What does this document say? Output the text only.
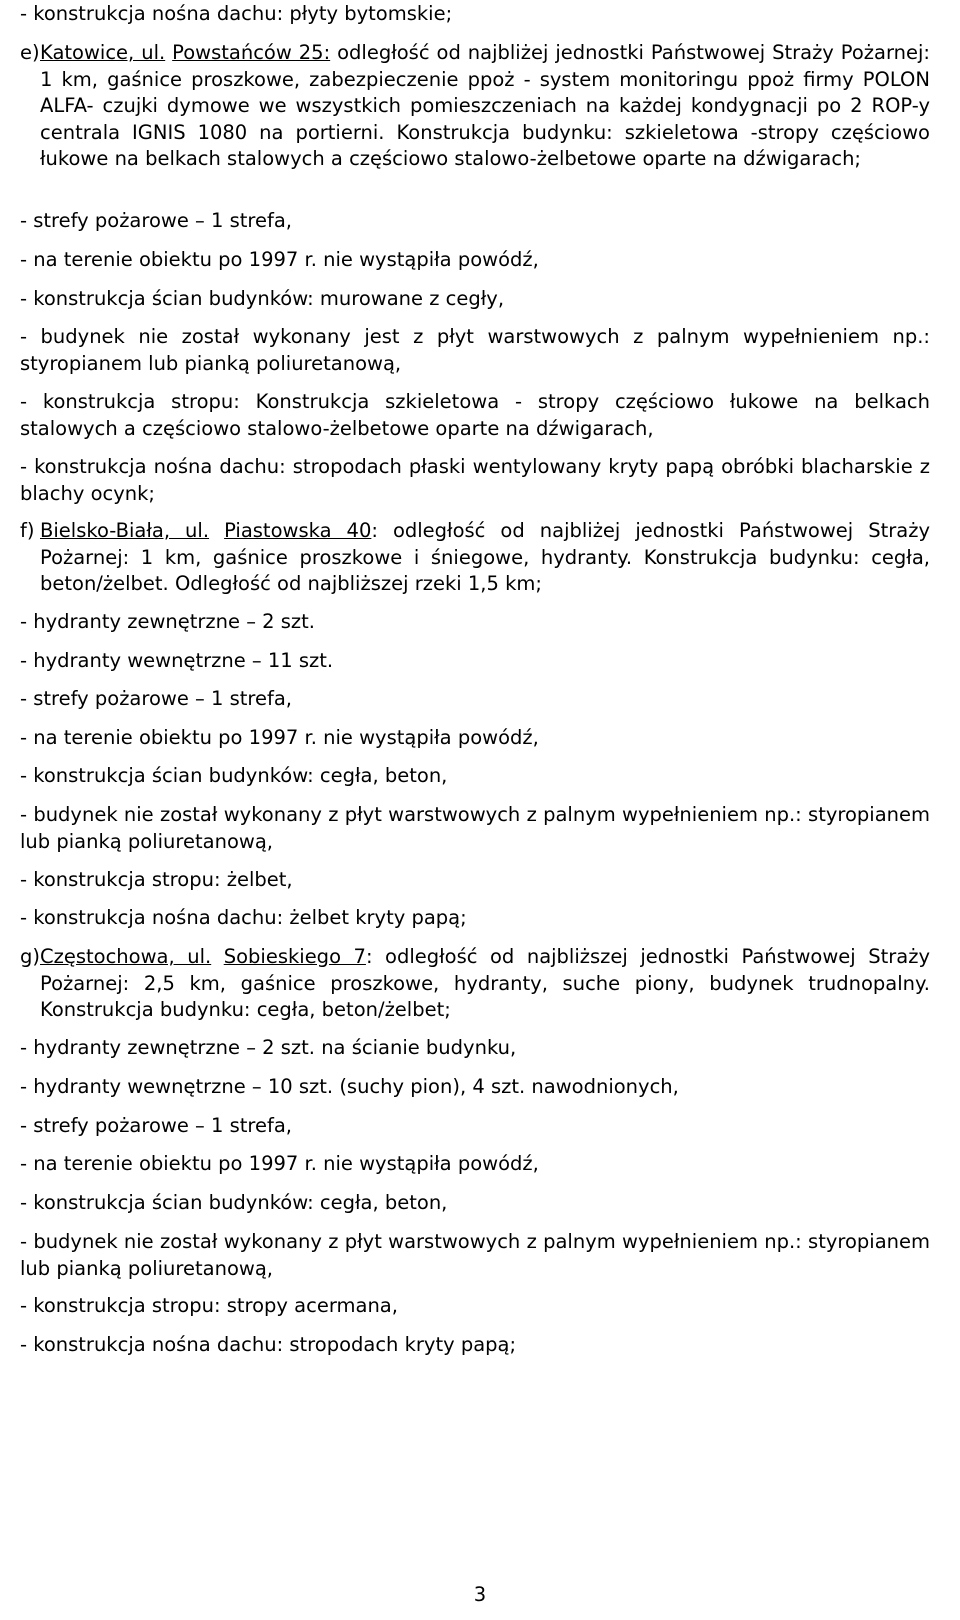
- konstrukcja nośna dachu: płyty bytomskie;

e) Katowice, ul. Powstańców 25: odległość od najbliżej jednostki Państwowej Straży Pożarnej: 1 km, gaśnice proszkowe, zabezpieczenie ppoż - system monitoringu ppoż firmy POLON ALFA- czujki dymowe we wszystkich pomieszczeniach na każdej kondygnacji po 2 ROP-y centrala IGNIS 1080 na portierni. Konstrukcja budynku: szkieletowa -stropy częściowo łukowe na belkach stalowych a częściowo stalowo-żelbetowe oparte na dźwigarach;

- strefy pożarowe – 1 strefa,

- na terenie obiektu po 1997 r. nie wystąpiła powódź,

- konstrukcja ścian budynków: murowane z cegły,

- budynek nie został wykonany jest z płyt warstwowych z palnym wypełnieniem np.: styropianem lub pianką poliuretanową,

- konstrukcja stropu: Konstrukcja szkieletowa - stropy częściowo łukowe na belkach stalowych a częściowo stalowo-żelbetowe oparte na dźwigarach,

- konstrukcja nośna dachu: stropodach płaski wentylowany kryty papą obróbki blacharskie z blachy ocynk;

f) Bielsko-Biała, ul. Piastowska 40: odległość od najbliżej jednostki Państwowej Straży Pożarnej: 1 km, gaśnice proszkowe i śniegowe, hydranty. Konstrukcja budynku: cegła, beton/żelbet. Odległość od najbliższej rzeki 1,5 km;

- hydranty zewnętrzne – 2 szt.

- hydranty wewnętrzne – 11 szt.

- strefy pożarowe – 1 strefa,

- na terenie obiektu po 1997 r. nie wystąpiła powódź,

- konstrukcja ścian budynków: cegła, beton,

- budynek nie został wykonany z płyt warstwowych z palnym wypełnieniem np.: styropianem lub pianką poliuretanową,

- konstrukcja stropu: żelbet,

- konstrukcja nośna dachu: żelbet kryty papą;

g) Częstochowa, ul. Sobieskiego 7: odległość od najbliższej jednostki Państwowej Straży Pożarnej: 2,5 km, gaśnice proszkowe, hydranty, suche piony, budynek trudnopalny. Konstrukcja budynku: cegła, beton/żelbet;

- hydranty zewnętrzne – 2 szt. na ścianie budynku,

- hydranty wewnętrzne – 10 szt. (suchy pion), 4 szt. nawodnionych,

- strefy pożarowe – 1 strefa,

- na terenie obiektu po 1997 r. nie wystąpiła powódź,

- konstrukcja ścian budynków: cegła, beton,

- budynek nie został wykonany z płyt warstwowych z palnym wypełnieniem np.: styropianem lub pianką poliuretanową,

- konstrukcja stropu: stropy acermana,

- konstrukcja nośna dachu: stropodach kryty papą;

3
